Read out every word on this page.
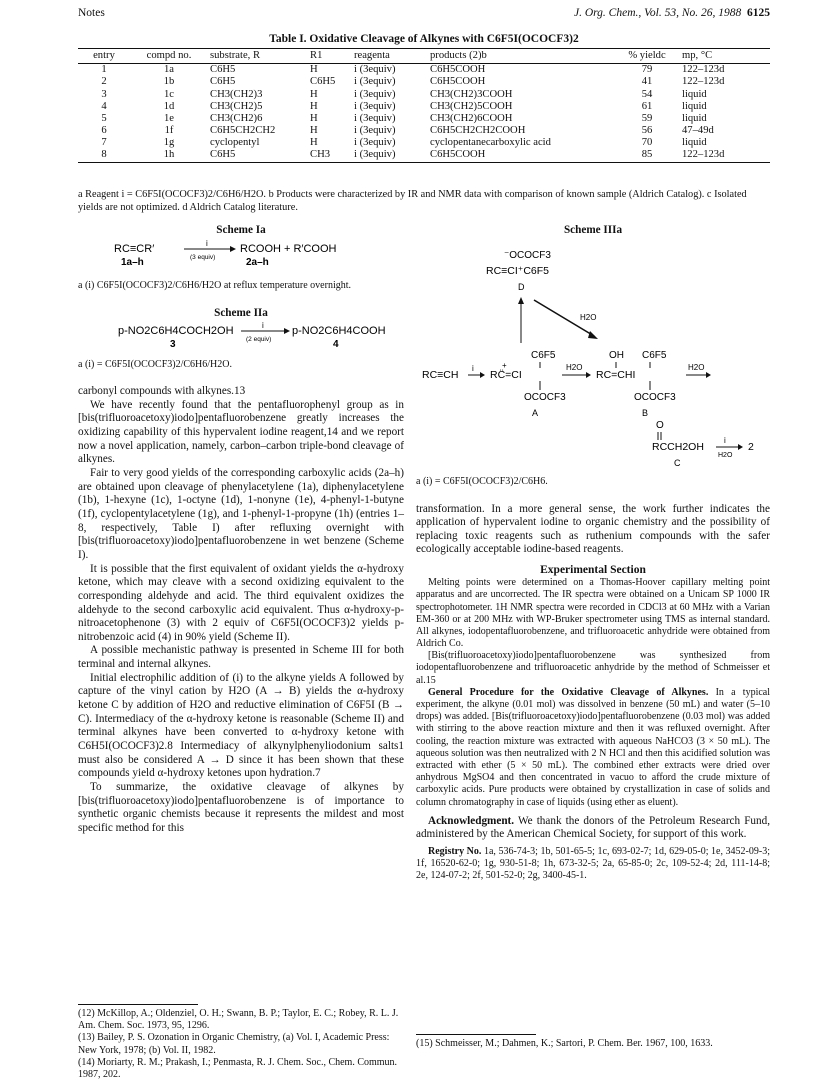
Notes	J. Org. Chem., Vol. 53, No. 26, 1988 6125
Table I. Oxidative Cleavage of Alkynes with C6F5I(OCOCF3)2
entry	compd no.	substrate, R	R1	reagenta	products (2)b	% yieldc	mp, °C
1	1a	C6H5	H	i (3equiv)	C6H5COOH	79	122–123d
2	1b	C6H5	C6H5	i (3equiv)	C6H5COOH	41	122–123d
3	1c	CH3(CH2)3	H	i (3equiv)	CH3(CH2)3COOH	54	liquid
4	1d	CH3(CH2)5	H	i (3equiv)	CH3(CH2)5COOH	61	liquid
5	1e	CH3(CH2)6	H	i (3equiv)	CH3(CH2)6COOH	59	liquid
6	1f	C6H5CH2CH2	H	i (3equiv)	C6H5CH2CH2COOH	56	47–49d
7	1g	cyclopentyl	H	i (3equiv)	cyclopentanecarboxylic acid	70	liquid
8	1h	C6H5	CH3	i (3equiv)	C6H5COOH	85	122–123d
a Reagent i = C6F5I(OCOCF3)2/C6H6/H2O. b Products were characterized by IR and NMR data with comparison of known sample (Aldrich Catalog). c Isolated yields are not optimized. d Aldrich Catalog literature.
Scheme Ia
RC≡CR′
1a–h
i
(3 equiv)
RCOOH + R′COOH
2a–h
a (i) C6F5I(OCOCF3)2/C6H6/H2O at reflux temperature overnight.
Scheme IIa
p-NO2C6H4COCH2OH
3
i
(2 equiv)
p-NO2C6H4COOH
4
a (i) = C6F5I(OCOCF3)2/C6H6/H2O.

carbonyl compounds with alkynes.13

We have recently found that the pentafluorophenyl group as in [bis(trifluoroacetoxy)iodo]pentafluorobenzene greatly increases the oxidizing capability of this hypervalent iodine reagent,14 and we report now a novel application, namely, carbon–carbon triple-bond cleavage of alkynes.

Fair to very good yields of the corresponding carboxylic acids (2a–h) are obtained upon cleavage of phenylacetylene (1a), diphenylacetylene (1b), 1-hexyne (1c), 1-octyne (1d), 1-nonyne (1e), 4-phenyl-1-butyne (1f), cyclopentylacetylene (1g), and 1-phenyl-1-propyne (1h) (entries 1–8, respectively, Table I) after refluxing overnight with [bis(trifluoroacetoxy)iodo]pentafluorobenzene in wet benzene (Scheme I).

It is possible that the first equivalent of oxidant yields the α-hydroxy ketone, which may cleave with a second oxidizing equivalent to the corresponding aldehyde and acid. The third equivalent oxidizes the aldehyde to the second carboxylic acid equivalent. Thus α-hydroxy-p-nitroacetophenone (3) with 2 equiv of C6F5I(OCOCF3)2 yields p-nitrobenzoic acid (4) in 90% yield (Scheme II).

A possible mechanistic pathway is presented in Scheme III for both terminal and internal alkynes.

Initial electrophilic addition of (i) to the alkyne yields A followed by capture of the vinyl cation by H2O (A → B) yields the α-hydroxy ketone C by addition of H2O and reductive elimination of C6F5I (B → C). Intermediacy of the α-hydroxy ketone is reasonable (Scheme II) and terminal alkynes have been converted to α-hydroxy ketone with C6H5I(OCOCF3)2.8 Intermediacy of alkynylphenyliodonium salts1 must also be considered A → D since it has been shown that these compounds yield α-hydroxy ketones upon hydration.7

To summarize, the oxidative cleavage of alkynes by [bis(trifluoroacetoxy)iodo]pentafluorobenzene is of importance to synthetic organic chemists because it represents the mildest and most specific method for this

(12) McKillop, A.; Oldenziel, O. H.; Swann, B. P.; Taylor, E. C.; Robey, R. L. J. Am. Chem. Soc. 1973, 95, 1296.
(13) Bailey, P. S. Ozonation in Organic Chemistry, (a) Vol. I, Academic Press: New York, 1978; (b) Vol. II, 1982.
(14) Moriarty, R. M.; Prakash, I.; Penmasta, R. J. Chem. Soc., Chem. Commun. 1987, 202.
Scheme IIIa
⁻OCOCF3
RC≡CI⁺C6F5
D
H2O
RC≡CH
i
C6F5
RC̈=CI
+
OCOCF3
A
H2O
OH C6F5
RC=CHI
OCOCF3
B
H2O
O
RCCH2OH
i
H2O
2
C
a (i) = C6F5I(OCOCF3)2/C6H6.

transformation. In a more general sense, the work further indicates the application of hypervalent iodine to organic chemistry and the possibility of replacing toxic reagents such as ruthenium compounds with the safer ecologically acceptable iodine-based reagents.

Experimental Section

Melting points were determined on a Thomas-Hoover capillary melting point apparatus and are uncorrected. The IR spectra were obtained on a Unicam SP 1000 IR spectrophotometer. 1H NMR spectra were recorded in CDCl3 at 60 MHz with a Varian EM-360 or at 200 MHz with WP-Bruker spectrometer using TMS as internal standard. All alkynes, iodopentafluorobenzene, and trifluoroacetic anhydride were obtained from Aldrich Co.

[Bis(trifluoroacetoxy)iodo]pentafluorobenzene was synthesized from iodopentafluorobenzene and trifluoroacetic anhydride by the method of Schmeisser et al.15

General Procedure for the Oxidative Cleavage of Alkynes. In a typical experiment, the alkyne (0.01 mol) was dissolved in benzene (50 mL) and water (5–10 drops) was added. [Bis(trifluoroacetoxy)iodo]pentafluorobenzene (0.03 mol) was added with stirring to the above reaction mixture and then it was refluxed overnight. After cooling, the reaction mixture was extracted with aqueous NaHCO3 (3 × 50 mL). The aqueous solution was then neutralized with 2 N HCl and then this acidified solution was extracted with ether (5 × 50 mL). The combined ether extracts were dried over anhydrous MgSO4 and then concentrated in vacuo to afford the crude mixture of carboxylic acids. Pure products were obtained by crystallization in case of solids and column chromatography in case of liquids (using ether as eluent).

Acknowledgment. We thank the donors of the Petroleum Research Fund, administered by the American Chemical Society, for support of this work.

Registry No. 1a, 536-74-3; 1b, 501-65-5; 1c, 693-02-7; 1d, 629-05-0; 1e, 3452-09-3; 1f, 16520-62-0; 1g, 930-51-8; 1h, 673-32-5; 2a, 65-85-0; 2c, 109-52-4; 2d, 111-14-8; 2e, 124-07-2; 2f, 501-52-0; 2g, 3400-45-1.

(15) Schmeisser, M.; Dahmen, K.; Sartori, P. Chem. Ber. 1967, 100, 1633.
